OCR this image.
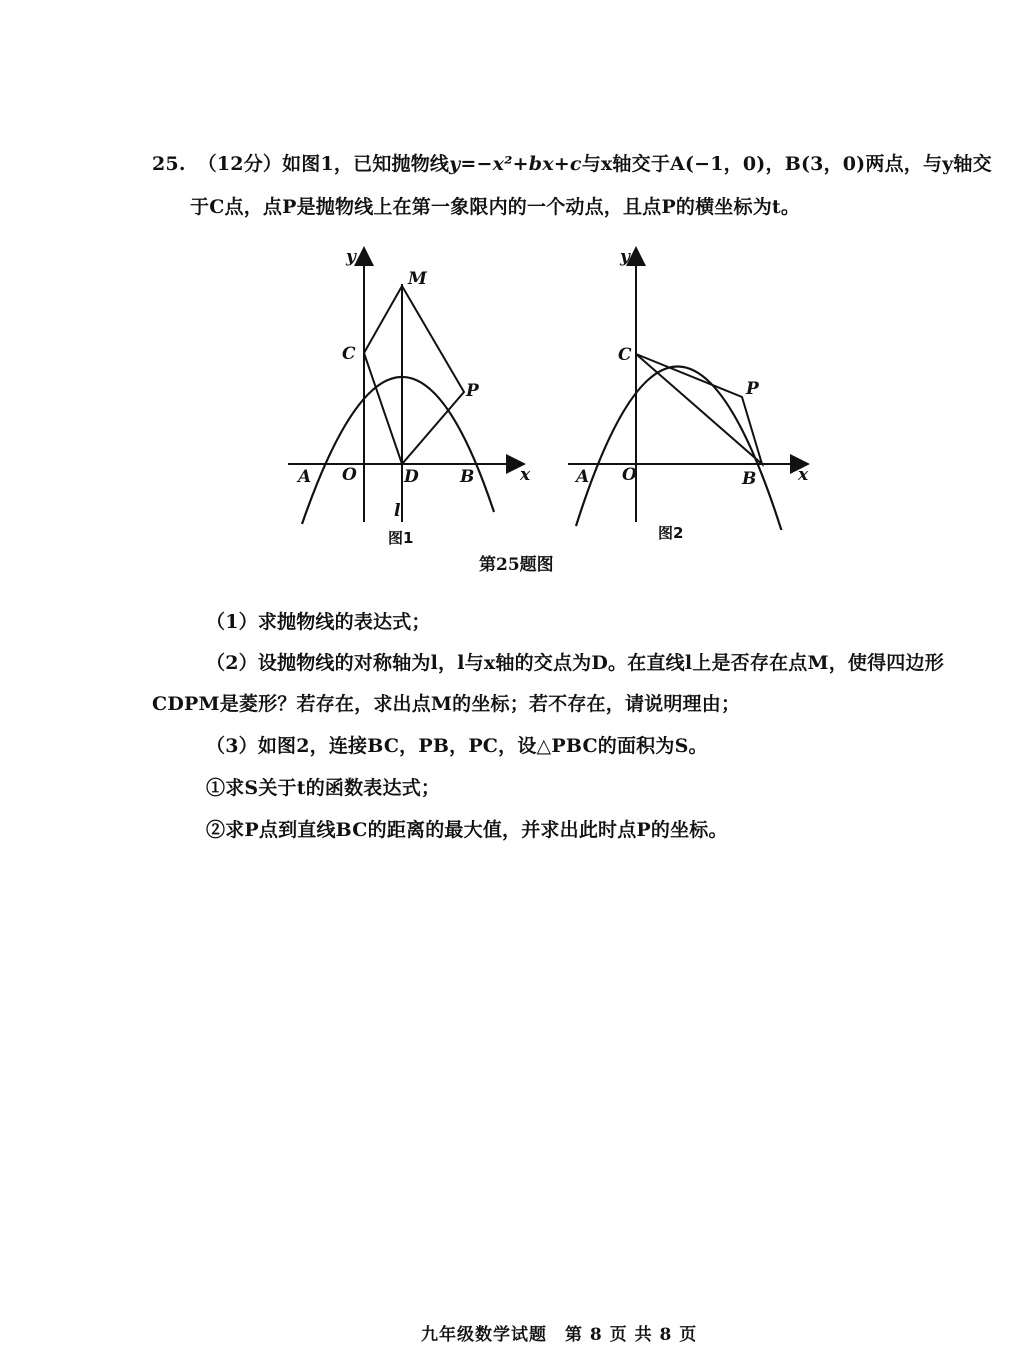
25. （12分）如图1，已知抛物线y=−x²+bx+c与x轴交于A(−1，0)，B(3，0)两点，与y轴交
于C点，点P是抛物线上在第一象限内的一个动点，且点P的横坐标为t。
y
M
C
P
A O	D B	x
l
图1
y
C
P
A O	B x
图2
第25题图
（1）求抛物线的表达式；
（2）设抛物线的对称轴为l，l与x轴的交点为D。在直线l上是否存在点M，使得四边形
CDPM是菱形？若存在，求出点M的坐标；若不存在，请说明理由；
（3）如图2，连接BC，PB，PC，设△PBC的面积为S。
①求S关于t的函数表达式；
②求P点到直线BC的距离的最大值，并求出此时点P的坐标。
九年级数学试题　第 8 页 共 8 页
